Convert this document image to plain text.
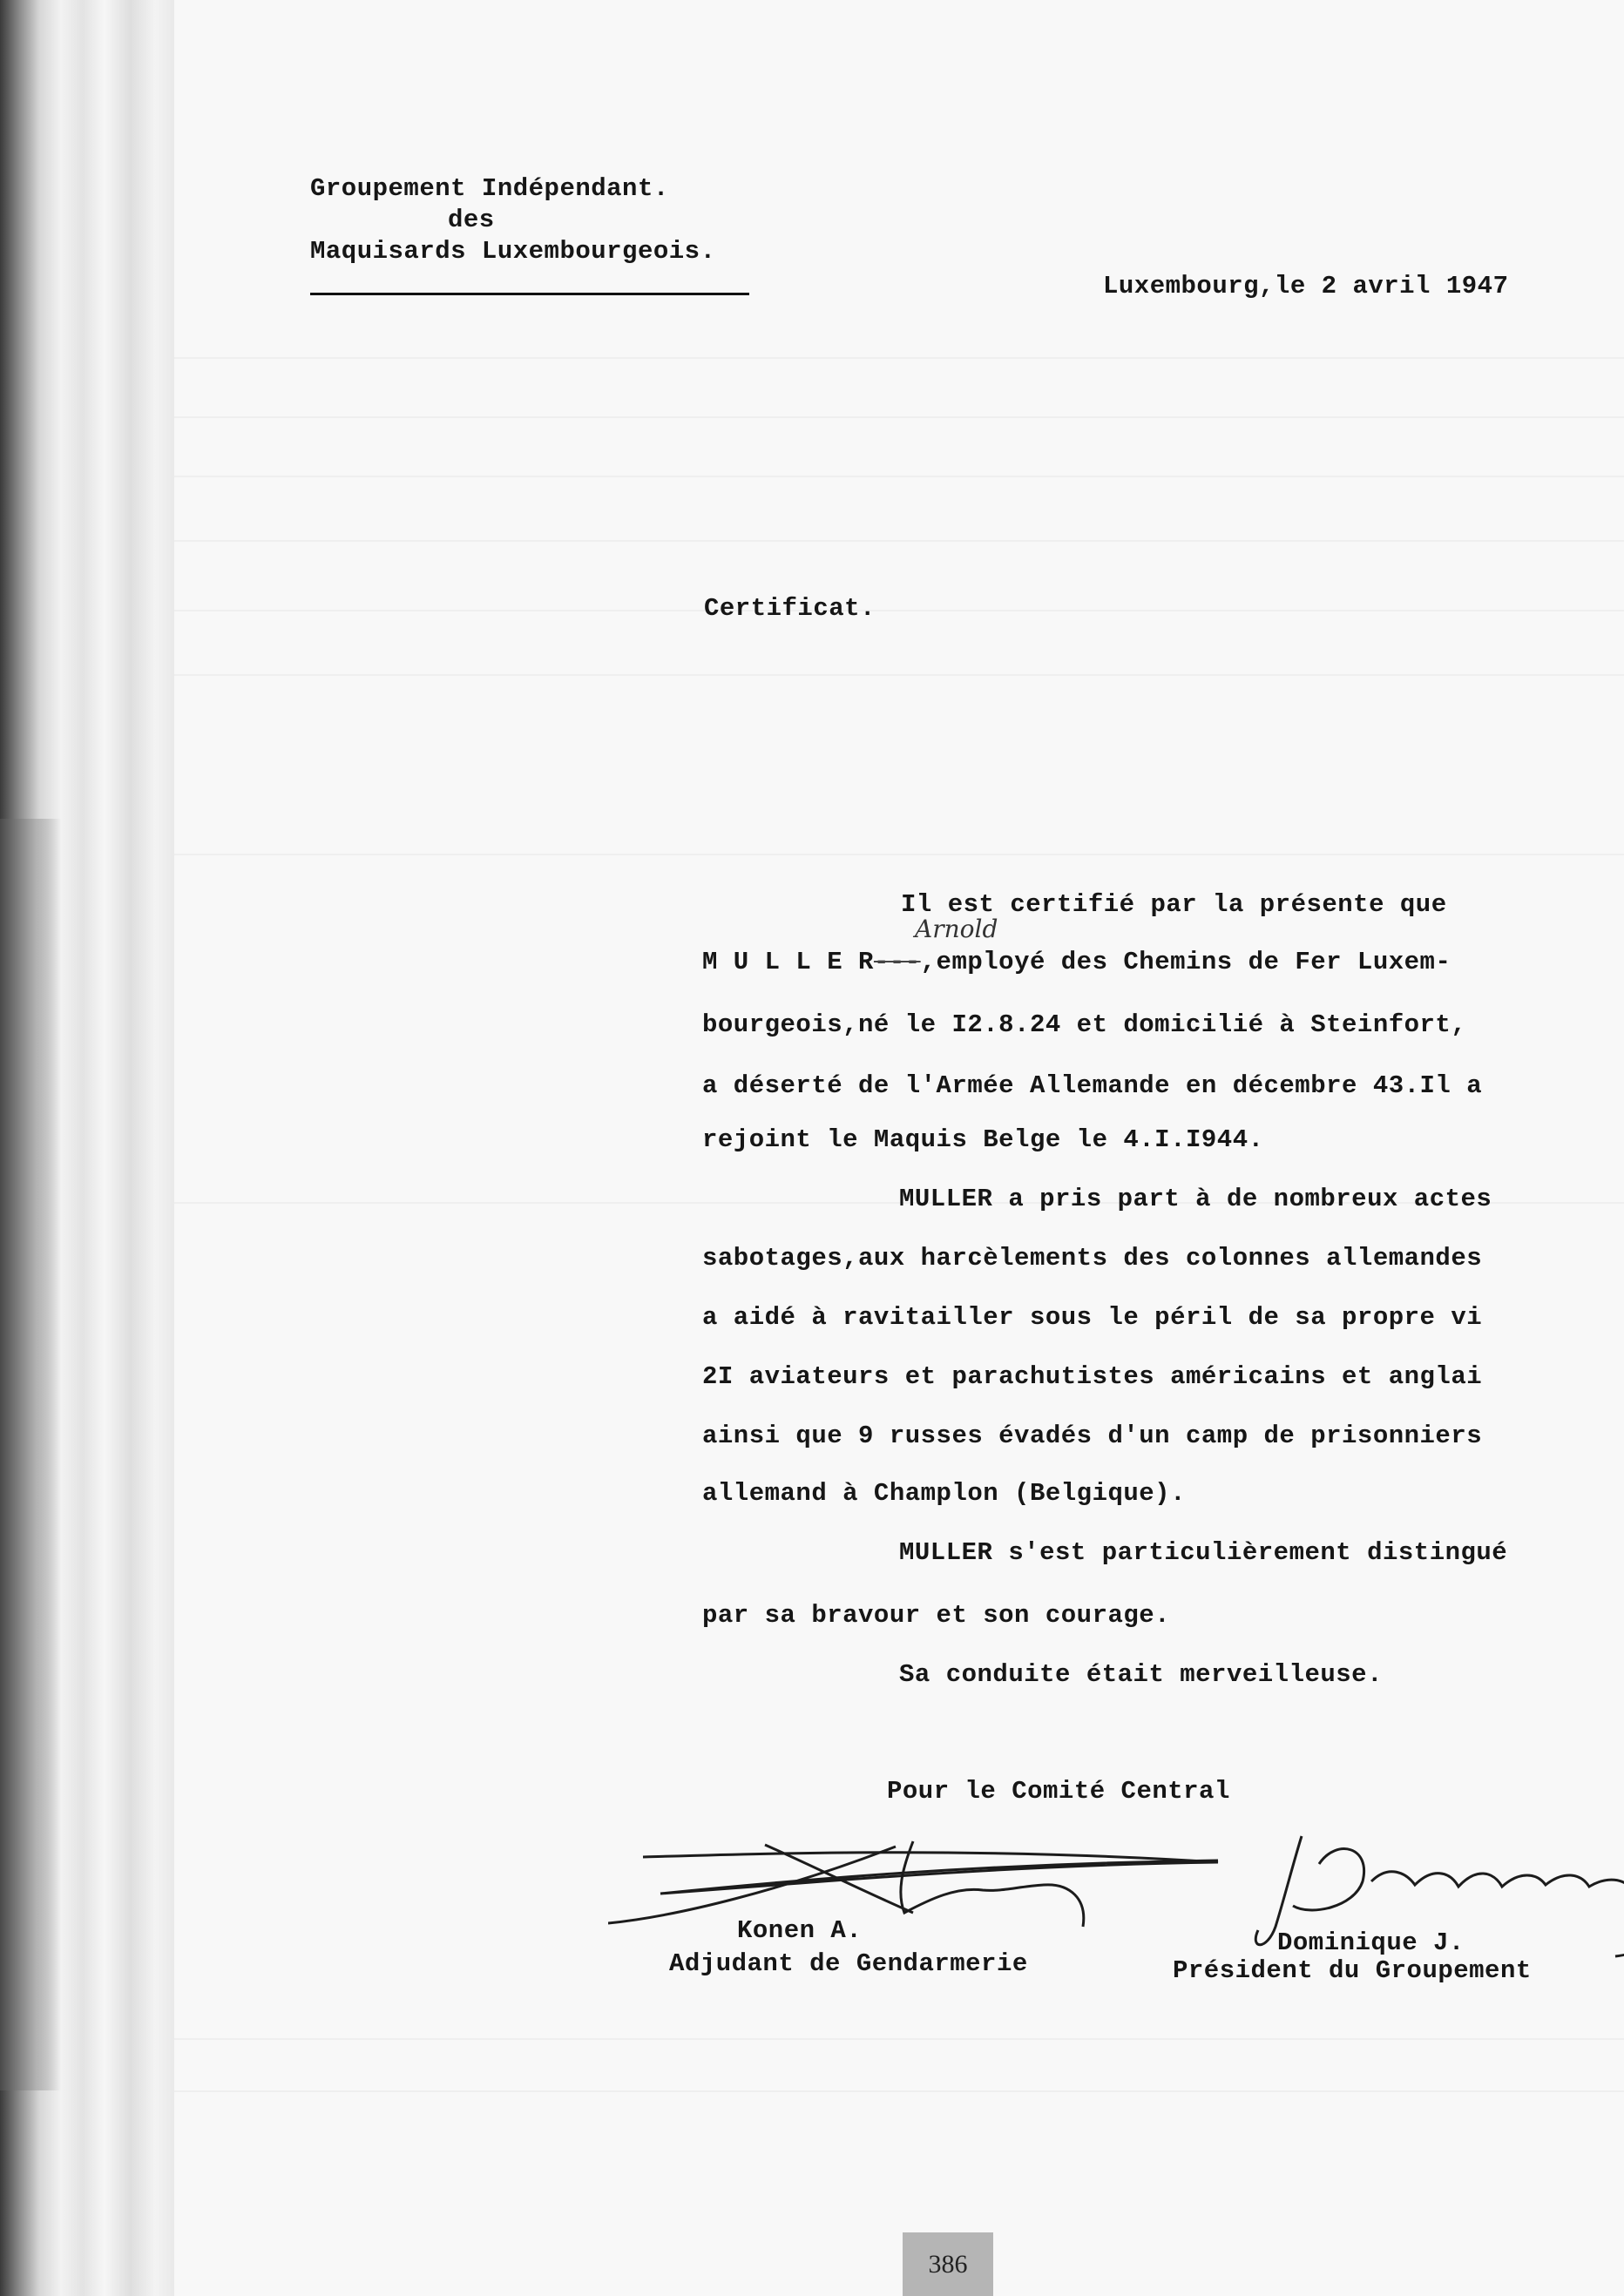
Groupement Indépendant.

des

Maquisards Luxembourgeois.

Luxembourg,le 2 avril 1947

Certificat.

Il est certifié par la présente que

Arnold

M U L L E R---,employé des Chemins de Fer Luxem-

bourgeois,né le I2.8.24 et domicilié à Steinfort,

a déserté de l'Armée Allemande en décembre 43.Il a

rejoint le Maquis Belge le 4.I.I944.

MULLER a pris part à de nombreux actes

sabotages,aux harcèlements des colonnes allemandes

a aidé à ravitailler sous le péril de sa propre vi

2I aviateurs et parachutistes américains et anglai

ainsi que 9 russes évadés d'un camp de prisonniers

allemand à Champlon (Belgique).

MULLER s'est particulièrement distingué

par sa bravour et son courage.

Sa conduite était merveilleuse.

Pour le Comité Central

Konen A.

Adjudant de Gendarmerie

Dominique J.

Président du Groupement

386
